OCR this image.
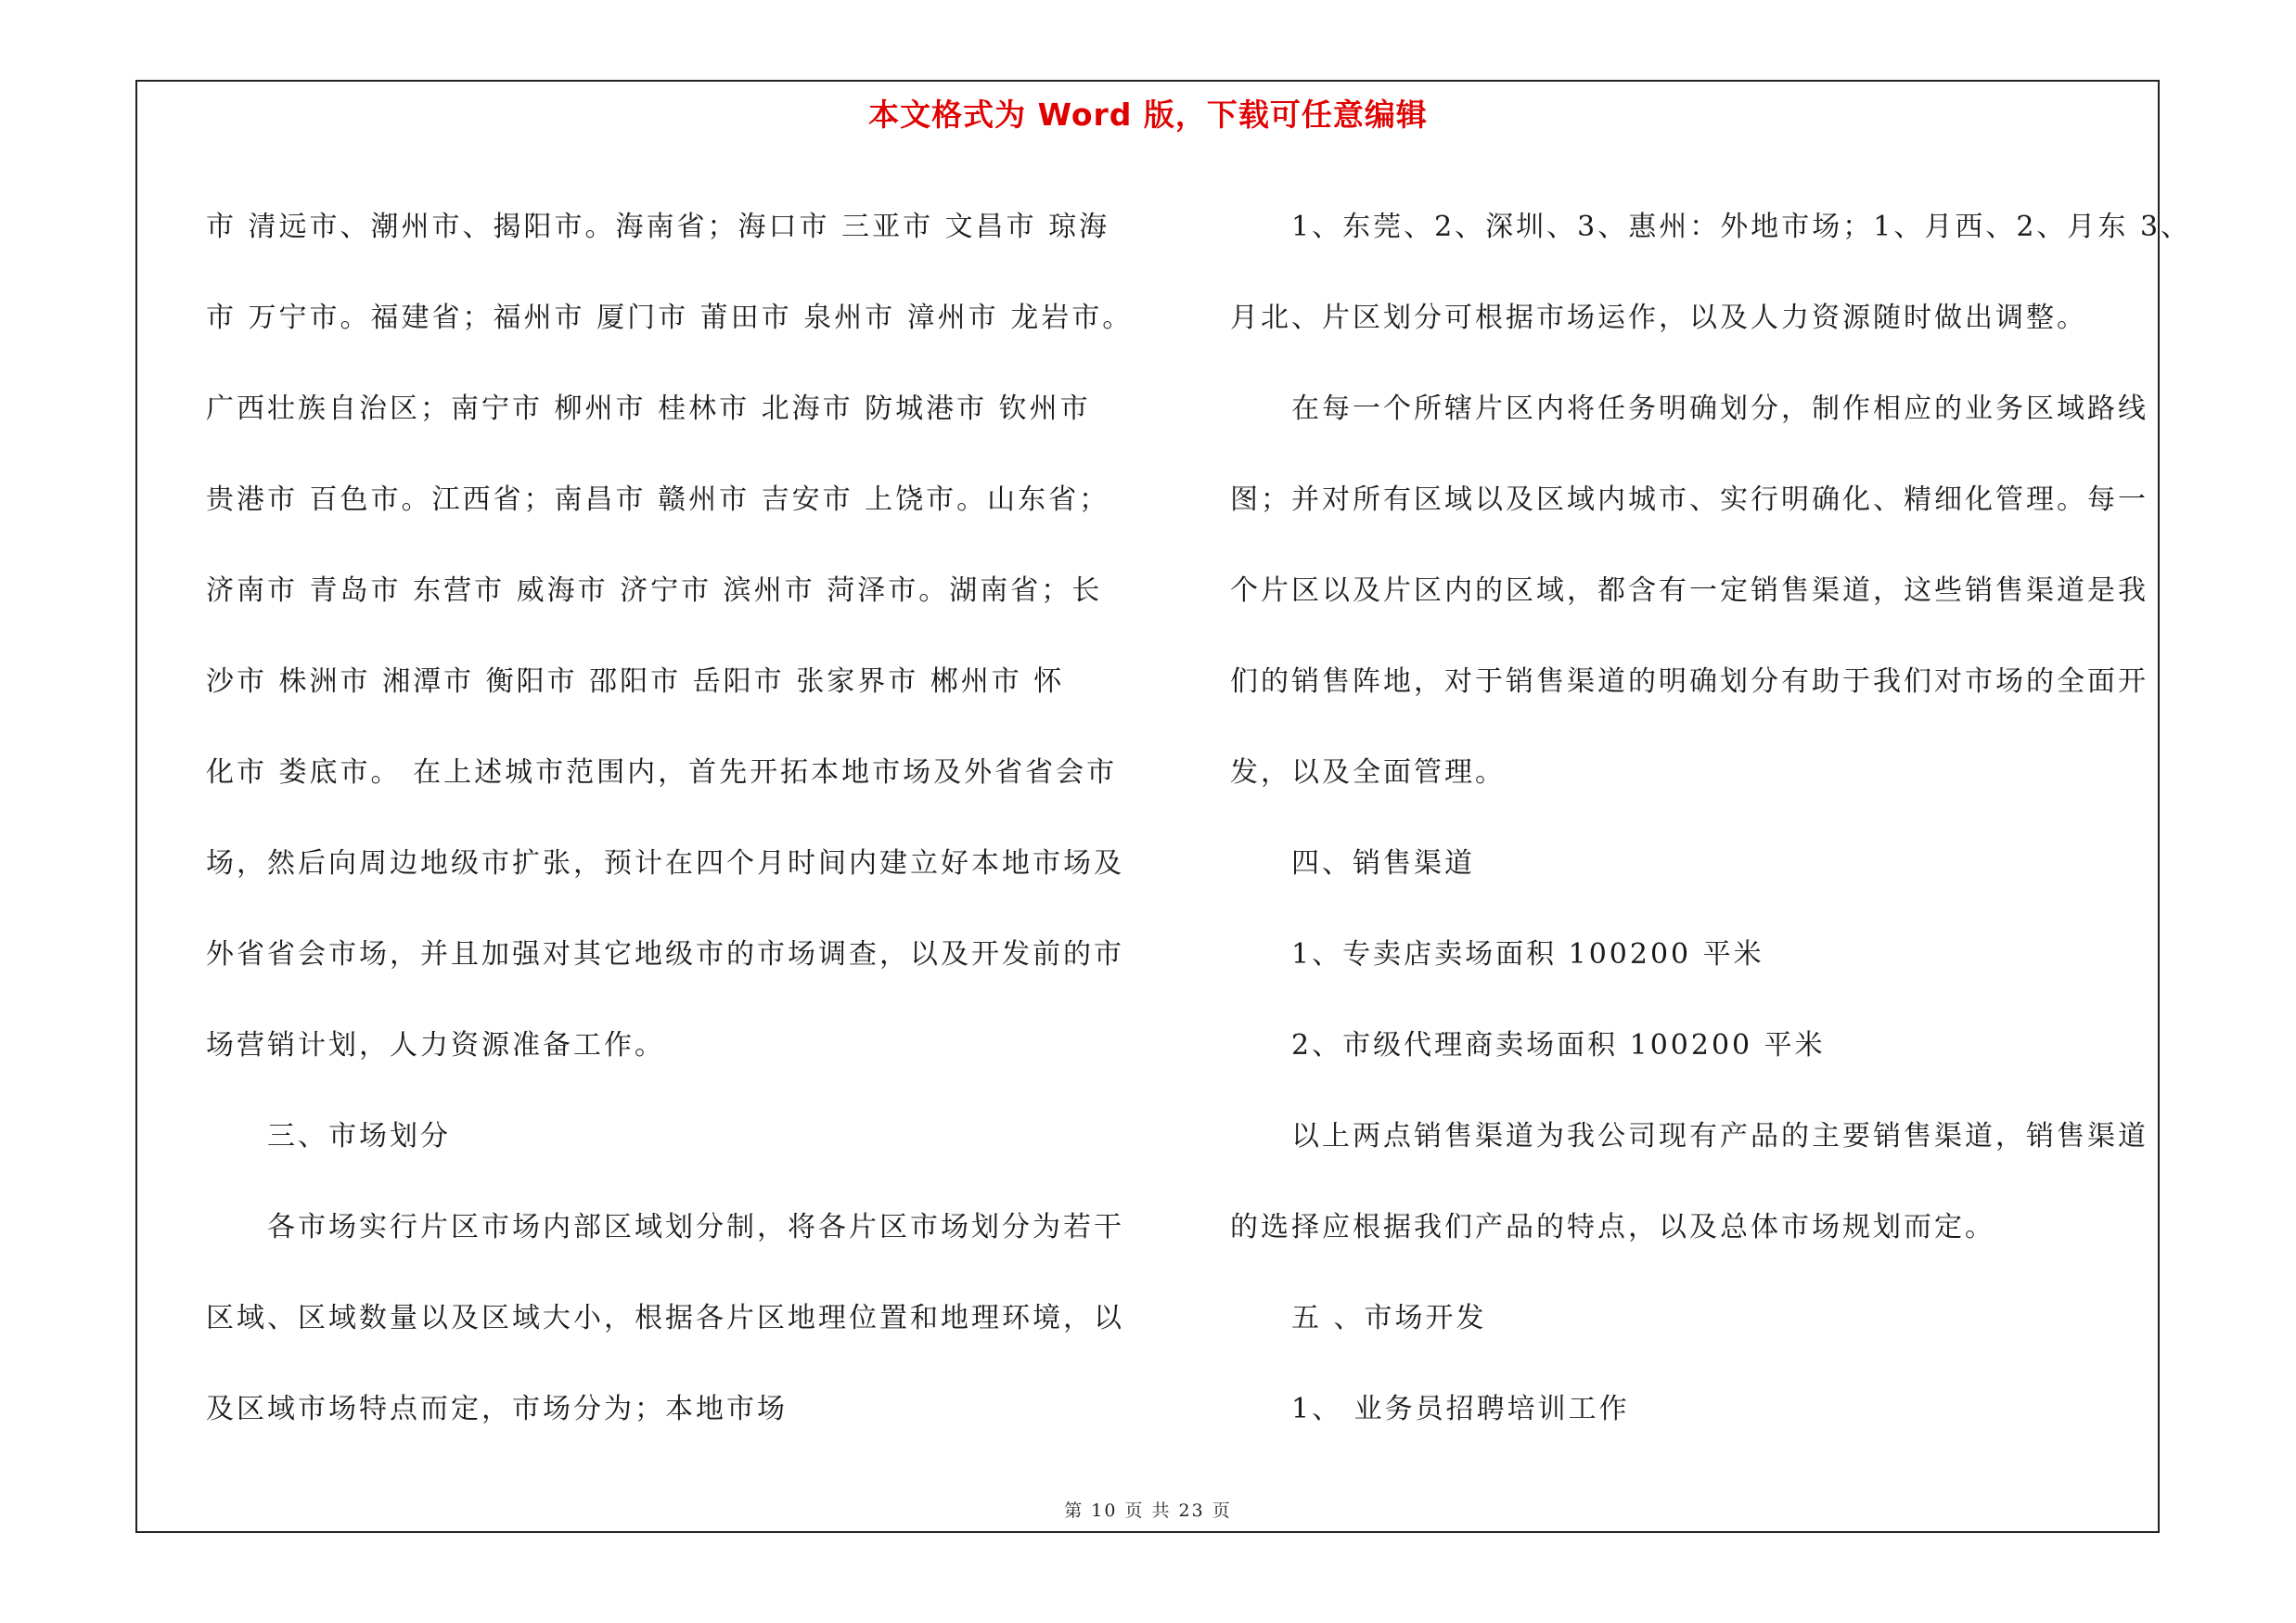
本文格式为 Word 版，下载可任意编辑
市 清远市、潮州市、揭阳市。海南省；海口市 三亚市 文昌市 琼海
市 万宁市。福建省；福州市 厦门市 莆田市 泉州市 漳州市 龙岩市。
广西壮族自治区；南宁市 柳州市 桂林市 北海市 防城港市 钦州市
贵港市 百色市。江西省；南昌市 赣州市 吉安市 上饶市。山东省；
济南市 青岛市 东营市 威海市 济宁市 滨州市 菏泽市。湖南省；长
沙市 株洲市 湘潭市 衡阳市 邵阳市 岳阳市 张家界市 郴州市 怀
化市 娄底市。 在上述城市范围内，首先开拓本地市场及外省省会市
场，然后向周边地级市扩张，预计在四个月时间内建立好本地市场及
外省省会市场，并且加强对其它地级市的市场调查，以及开发前的市
场营销计划，人力资源准备工作。
三、市场划分
各市场实行片区市场内部区域划分制，将各片区市场划分为若干
区域、区域数量以及区域大小，根据各片区地理位置和地理环境，以
及区域市场特点而定，市场分为；本地市场
1、东莞、2、深圳、3、惠州：外地市场；1、月西、2、月东 3、
月北、片区划分可根据市场运作，以及人力资源随时做出调整。
在每一个所辖片区内将任务明确划分，制作相应的业务区域路线
图；并对所有区域以及区域内城市、实行明确化、精细化管理。每一
个片区以及片区内的区域，都含有一定销售渠道，这些销售渠道是我
们的销售阵地，对于销售渠道的明确划分有助于我们对市场的全面开
发，以及全面管理。
四、销售渠道
1、专卖店卖场面积 100200 平米
2、市级代理商卖场面积 100200 平米
以上两点销售渠道为我公司现有产品的主要销售渠道，销售渠道
的选择应根据我们产品的特点，以及总体市场规划而定。
五 、市场开发
1、 业务员招聘培训工作
第 10 页 共 23 页
